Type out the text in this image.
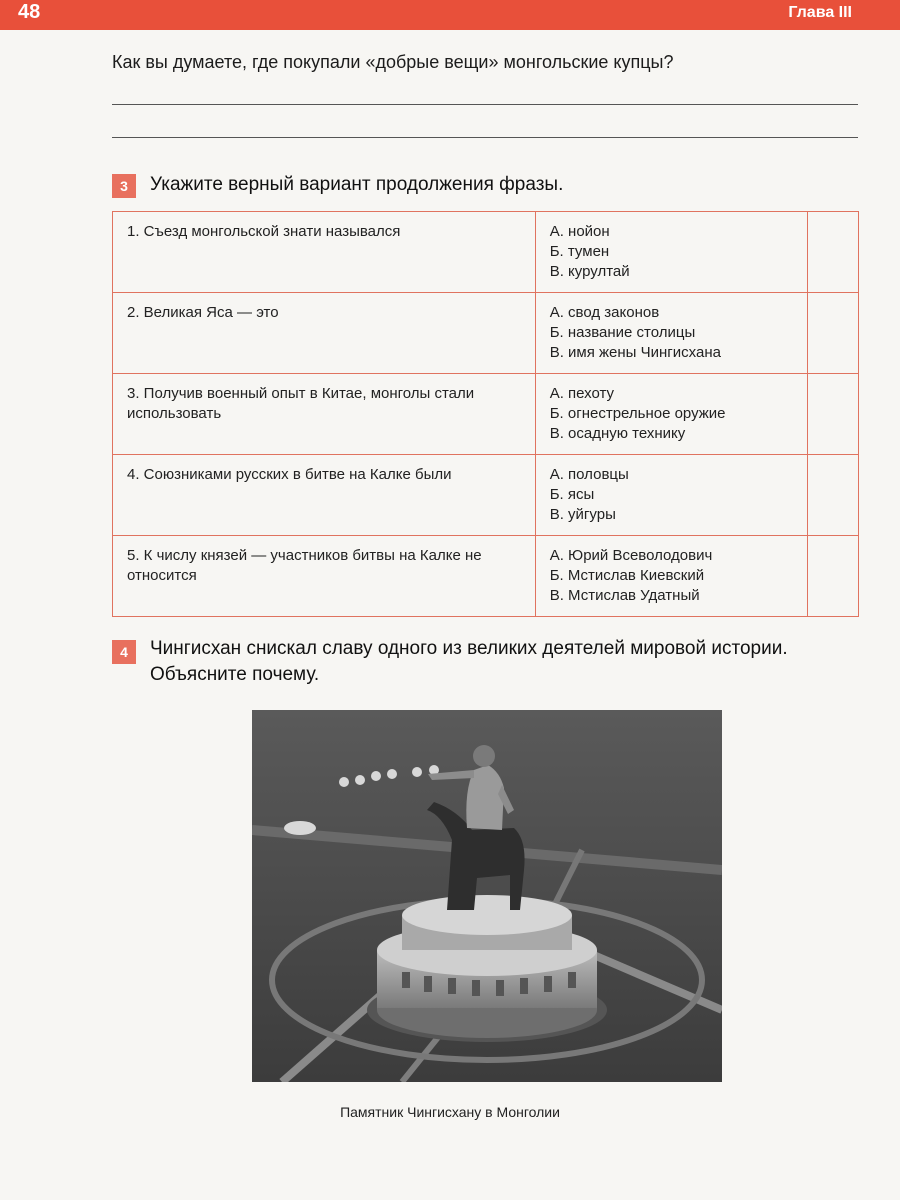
48	Глава III
Как вы думаете, где покупали «добрые вещи» монгольские купцы?
3	Укажите верный вариант продолжения фразы.
1. Съезд монгольской знати назывался	А. нойон
Б. тумен
В. курултай	

2. Великая Яса — это	А. свод законов
Б. название столицы
В. имя жены Чингисхана	

3. Получив военный опыт в Китае, монголы стали использовать	А. пехоту
Б. огнестрельное оружие
В. осадную технику	

4. Союзниками русских в битве на Калке были	А. половцы
Б. ясы
В. уйгуры	

5. К числу князей — участников битвы на Калке не относится	А. Юрий Всеволодович
Б. Мстислав Киевский
В. Мстислав Удатный	

4	Чингисхан снискал славу одного из великих деятелей мировой истории.
Объясните почему.
Памятник Чингисхану в Монголии
